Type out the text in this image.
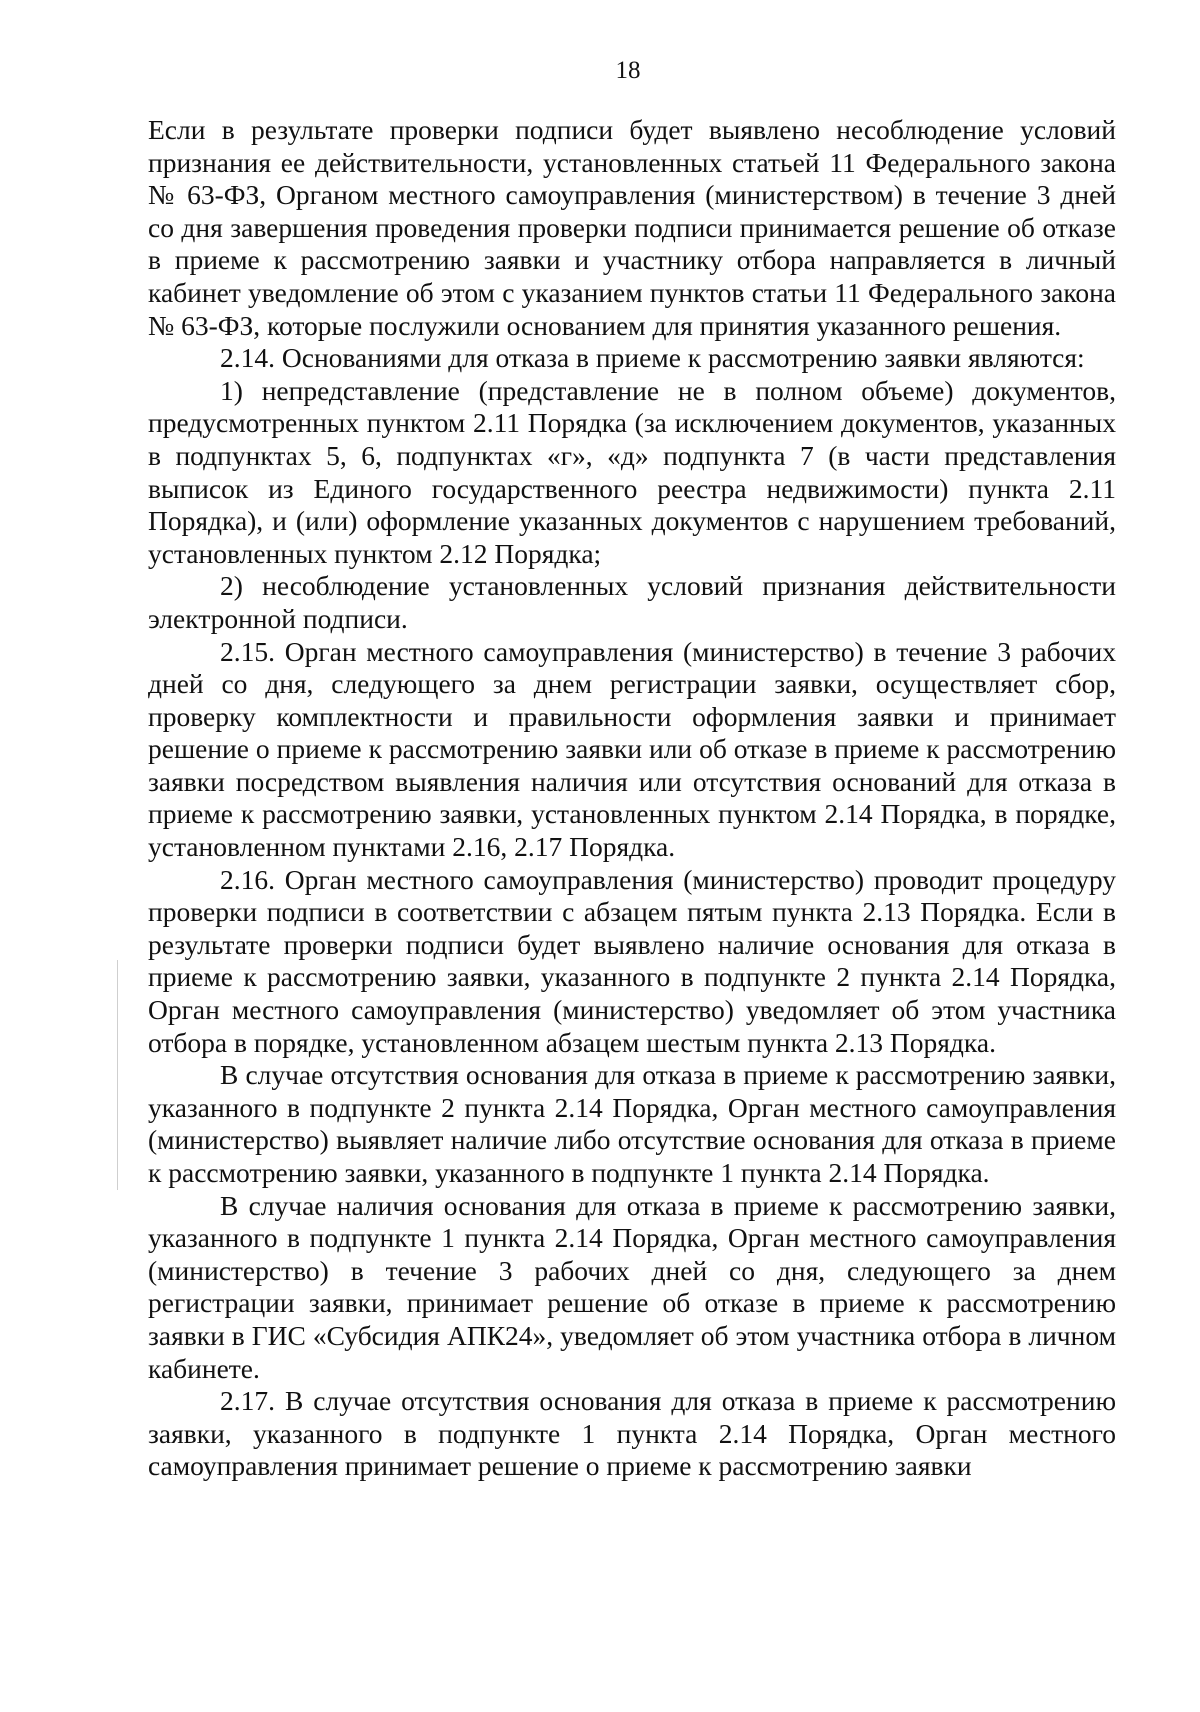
18

Если в результате проверки подписи будет выявлено несоблюдение условий признания ее действительности, установленных статьей 11 Федерального закона № 63-ФЗ, Органом местного самоуправления (министерством) в течение 3 дней со дня завершения проведения проверки подписи принимается решение об отказе в приеме к рассмотрению заявки и участнику отбора направляется в личный кабинет уведомление об этом с указанием пунктов статьи 11 Федерального закона № 63-ФЗ, которые послужили основанием для принятия указанного решения.

2.14. Основаниями для отказа в приеме к рассмотрению заявки являются:

1) непредставление (представление не в полном объеме) документов, предусмотренных пунктом 2.11 Порядка (за исключением документов, указанных в подпунктах 5, 6, подпунктах «г», «д» подпункта 7 (в части представления выписок из Единого государственного реестра недвижимости) пункта 2.11 Порядка), и (или) оформление указанных документов с нарушением требований, установленных пунктом 2.12 Порядка;

2) несоблюдение установленных условий признания действительности электронной подписи.

2.15. Орган местного самоуправления (министерство) в течение 3 рабочих дней со дня, следующего за днем регистрации заявки, осуществляет сбор, проверку комплектности и правильности оформления заявки и принимает решение о приеме к рассмотрению заявки или об отказе в приеме к рассмотрению заявки посредством выявления наличия или отсутствия оснований для отказа в приеме к рассмотрению заявки, установленных пунктом 2.14 Порядка, в порядке, установленном пунктами 2.16, 2.17 Порядка.

2.16. Орган местного самоуправления (министерство) проводит процедуру проверки подписи в соответствии с абзацем пятым пункта 2.13 Порядка. Если в результате проверки подписи будет выявлено наличие основания для отказа в приеме к рассмотрению заявки, указанного в подпункте 2 пункта 2.14 Порядка, Орган местного самоуправления (министерство) уведомляет об этом участника отбора в порядке, установленном абзацем шестым пункта 2.13 Порядка.

В случае отсутствия основания для отказа в приеме к рассмотрению заявки, указанного в подпункте 2 пункта 2.14 Порядка, Орган местного самоуправления (министерство) выявляет наличие либо отсутствие основания для отказа в приеме к рассмотрению заявки, указанного в подпункте 1 пункта 2.14 Порядка.

В случае наличия основания для отказа в приеме к рассмотрению заявки, указанного в подпункте 1 пункта 2.14 Порядка, Орган местного самоуправления (министерство) в течение 3 рабочих дней со дня, следующего за днем регистрации заявки, принимает решение об отказе в приеме к рассмотрению заявки в ГИС «Субсидия АПК24», уведомляет об этом участника отбора в личном кабинете.

2.17. В случае отсутствия основания для отказа в приеме к рассмотрению заявки, указанного в подпункте 1 пункта 2.14 Порядка, Орган местного самоуправления принимает решение о приеме к рассмотрению заявки
